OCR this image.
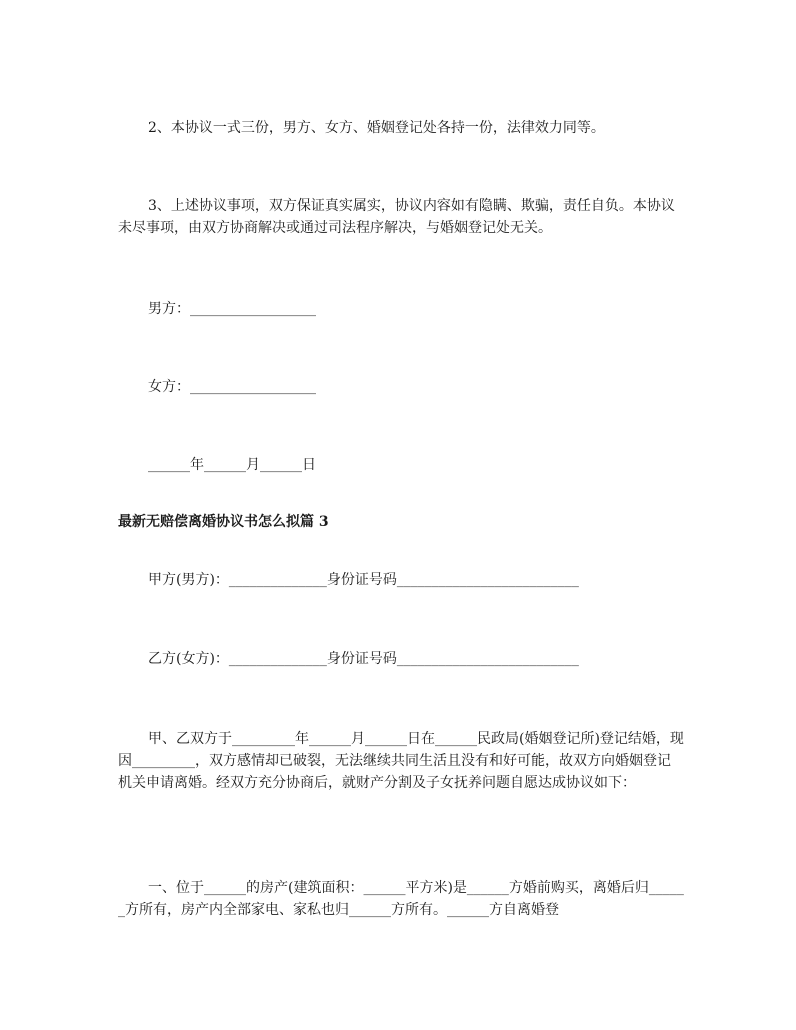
2、本协议一式三份，男方、女方、婚姻登记处各持一份，法律效力同等。

3、上述协议事项，双方保证真实属实，协议内容如有隐瞒、欺骗，责任自负。本协议未尽事项，由双方协商解决或通过司法程序解决，与婚姻登记处无关。

男方：__________________

女方：__________________

______年______月______日

最新无赔偿离婚协议书怎么拟篇 3

甲方(男方)：______________身份证号码__________________________

乙方(女方)：______________身份证号码__________________________

甲、乙双方于_________年______月______日在______民政局(婚姻登记所)登记结婚，现因_________，双方感情却已破裂，无法继续共同生活且没有和好可能，故双方向婚姻登记机关申请离婚。经双方充分协商后，就财产分割及子女抚养问题自愿达成协议如下：

一、位于______的房产(建筑面积：______平方米)是______方婚前购买，离婚后归______方所有，房产内全部家电、家私也归______方所有。______方自离婚登
